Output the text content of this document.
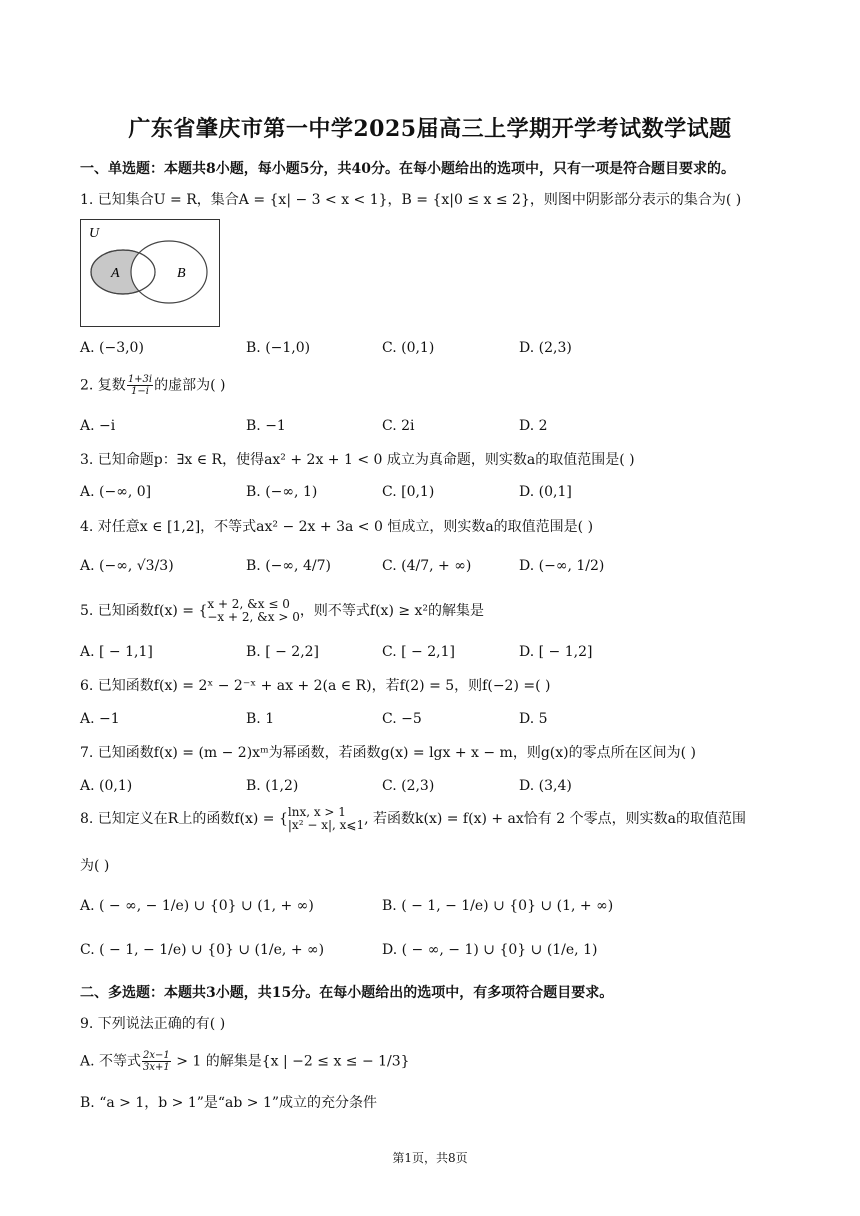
广东省肇庆市第一中学2025届高三上学期开学考试数学试题
一、单选题：本题共8小题，每小题5分，共40分。在每小题给出的选项中，只有一项是符合题目要求的。
1. 已知集合U = R，集合A = {x| − 3 < x < 1}，B = {x|0 ≤ x ≤ 2}，则图中阴影部分表示的集合为( )
U
A	B
A. (−3,0)	B. (−1,0)	C. (0,1)	D. (2,3)
2. 复数 $\frac{1+3i}{1-i}$ 的虚部为( )
A. −i	B. −1	C. 2i	D. 2
3. 已知命题p：∃x ∈ R，使得ax² + 2x + 1 < 0 成立为真命题，则实数a的取值范围是( )
A. (−∞, 0]	B. (−∞, 1)	C. [0,1)	D. (0,1]
4. 对任意x ∈ [1,2]，不等式ax² − 2x + 3a < 0 恒成立，则实数a的取值范围是( )
A. (−∞, √3/3)	B. (−∞, 4/7)	C. (4/7, + ∞)	D. (−∞, 1/2)
5. 已知函数f(x) = { x + 2, &x ≤ 0
−x + 2, &x > 0 ，则不等式f(x) ≥ x²的解集是
A. [ − 1,1]	B. [ − 2,2]	C. [ − 2,1]	D. [ − 1,2]
6. 已知函数f(x) = 2ˣ − 2⁻ˣ + ax + 2(a ∈ R)，若f(2) = 5，则f(−2) =( )
A. −1	B. 1	C. −5	D. 5
7. 已知函数f(x) = (m − 2)xᵐ为幂函数，若函数g(x) = lgx + x − m，则g(x)的零点所在区间为( )
A. (0,1)	B. (1,2)	C. (2,3)	D. (3,4)
8. 已知定义在R上的函数f(x) = { lnx, x > 1
|x² − x|, x⩽1 , 若函数k(x) = f(x) + ax恰有 2 个零点，则实数a的取值范围
为( )
A. ( − ∞, − 1/e) ∪ {0} ∪ (1, + ∞)	B. ( − 1, − 1/e) ∪ {0} ∪ (1, + ∞)
C. ( − 1, − 1/e) ∪ {0} ∪ (1/e, + ∞)	D. ( − ∞, − 1) ∪ {0} ∪ (1/e, 1)
二、多选题：本题共3小题，共15分。在每小题给出的选项中，有多项符合题目要求。
9. 下列说法正确的有( )
A. 不等式 $\frac{2x-1}{3x+1} > 1$ 的解集是{x | −2 ≤ x ≤ − 1/3}
B. “a > 1，b > 1”是“ab > 1”成立的充分条件
第1页，共8页
